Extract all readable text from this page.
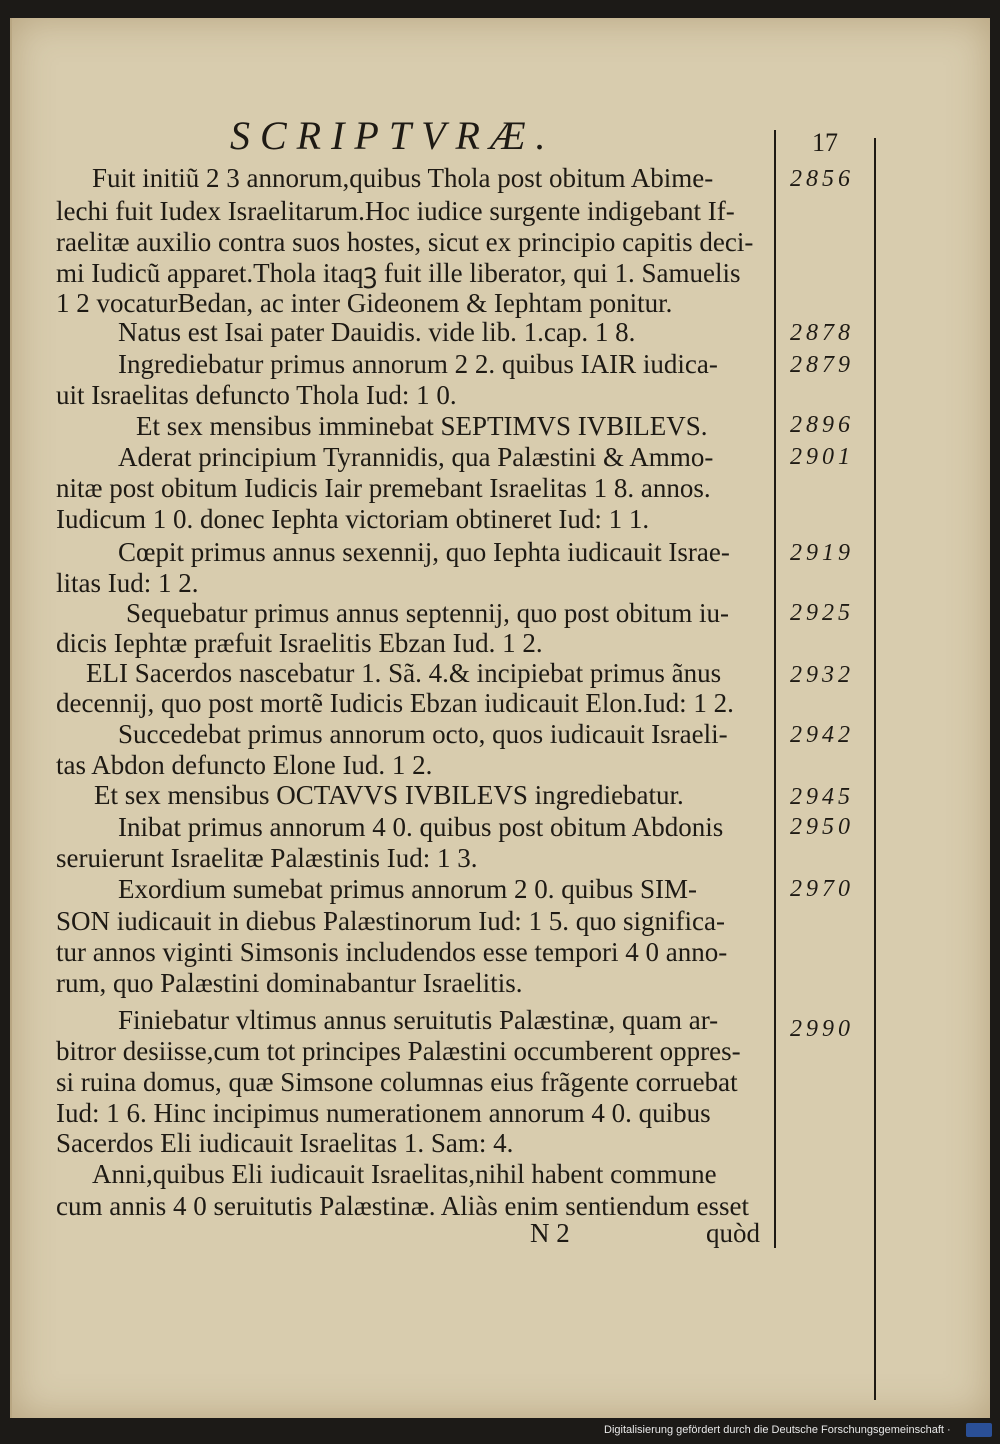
SCRIPTVRÆ.	17
Fuit initiũ 2 3 annorum,quibus Thola post obitum Abime-
lechi fuit Iudex Israelitarum.Hoc iudice surgente indigebant If-
raelitæ auxilio contra suos hostes, sicut ex principio capitis deci-
mi Iudicũ apparet.Thola itaqꝫ fuit ille liberator, qui 1. Samuelis
1 2 vocaturBedan, ac inter Gideonem & Iephtam ponitur.
Natus est Isai pater Dauidis. vide lib. 1.cap. 1 8.
Ingrediebatur primus annorum 2 2. quibus IAIR iudica-
uit Israelitas defuncto Thola Iud: 1 0.
Et sex mensibus imminebat SEPTIMVS IVBILEVS.
Aderat principium Tyrannidis, qua Palæstini & Ammo-
nitæ post obitum Iudicis Iair premebant Israelitas 1 8. annos.
Iudicum 1 0. donec Iephta victoriam obtineret Iud: 1 1.
Cœpit primus annus sexennij, quo Iephta iudicauit Israe-
litas Iud: 1 2.
Sequebatur primus annus septennij, quo post obitum iu-
dicis Iephtæ præfuit Israelitis Ebzan Iud. 1 2.
ELI Sacerdos nascebatur 1. Sã. 4.& incipiebat primus ãnus
decennij, quo post mortẽ Iudicis Ebzan iudicauit Elon.Iud: 1 2.
Succedebat primus annorum octo, quos iudicauit Israeli-
tas Abdon defuncto Elone Iud. 1 2.
Et sex mensibus OCTAVVS IVBILEVS ingrediebatur.
Inibat primus annorum 4 0. quibus post obitum Abdonis
seruierunt Israelitæ Palæstinis Iud: 1 3.
Exordium sumebat primus annorum 2 0. quibus SIM-
SON iudicauit in diebus Palæstinorum Iud: 1 5. quo significa-
tur annos viginti Simsonis includendos esse tempori 4 0 anno-
rum, quo Palæstini dominabantur Israelitis.
Finiebatur vltimus annus seruitutis Palæstinæ, quam ar-
bitror desiisse,cum tot principes Palæstini occumberent oppres-
si ruina domus, quæ Simsone columnas eius frãgente corruebat
Iud: 1 6. Hinc incipimus numerationem annorum 4 0. quibus
Sacerdos Eli iudicauit Israelitas 1. Sam: 4.
Anni,quibus Eli iudicauit Israelitas,nihil habent commune
cum annis 4 0 seruitutis Palæstinæ. Aliàs enim sentiendum esset
2856
2878
2879
2896
2901
2919
2925
2932
2942
2945
2950
2970
2990
N 2	quòd
Digitalisierung gefördert durch die Deutsche Forschungsgemeinschaft ·
